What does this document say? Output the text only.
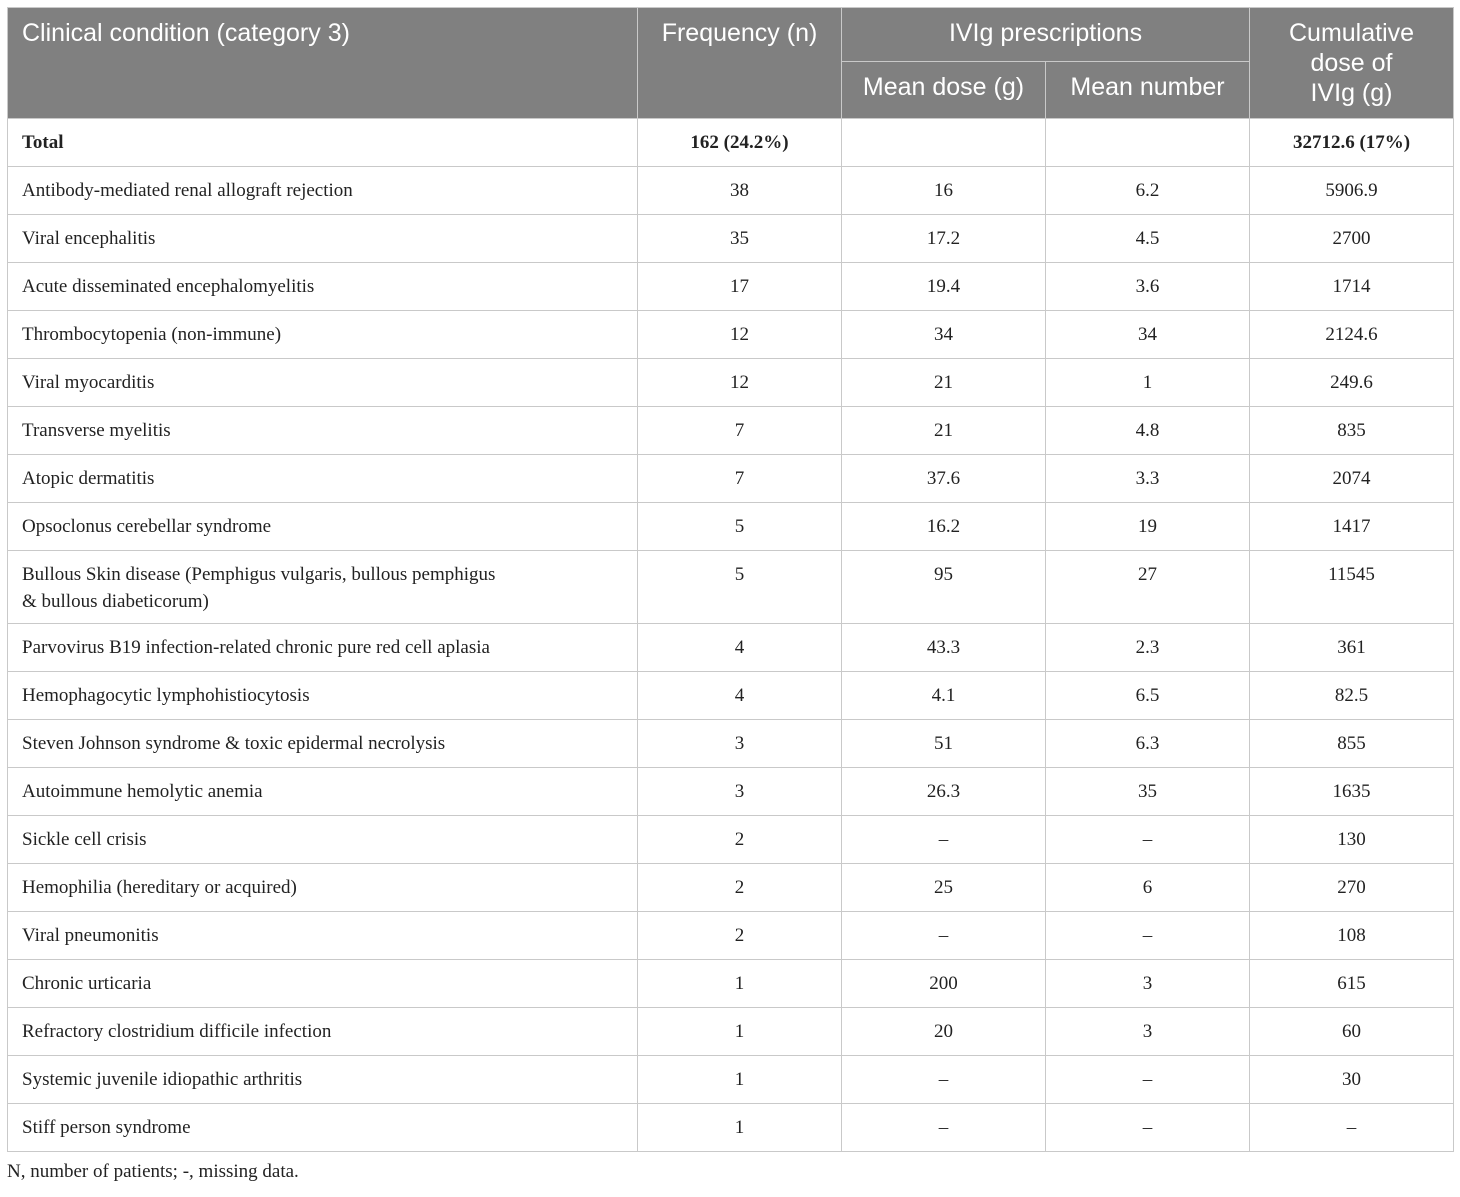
Clinical condition (category 3)	Frequency (n)	IVIg prescriptions		Cumulative
dose of
IVIg (g)

		Mean dose (g)	Mean number	
Total	162 (24.2%)			32712.6 (17%)

Antibody-mediated renal allograft rejection	38	16	6.2	5906.9

Viral encephalitis	35	17.2	4.5	2700

Acute disseminated encephalomyelitis	17	19.4	3.6	1714

Thrombocytopenia (non-immune)	12	34	34	2124.6

Viral myocarditis	12	21	1	249.6

Transverse myelitis	7	21	4.8	835

Atopic dermatitis	7	37.6	3.3	2074

Opsoclonus cerebellar syndrome	5	16.2	19	1417

Bullous Skin disease (Pemphigus vulgaris, bullous pemphigus
& bullous diabeticorum)	5	95	27	11545

Parvovirus B19 infection-related chronic pure red cell aplasia	4	43.3	2.3	361

Hemophagocytic lymphohistiocytosis	4	4.1	6.5	82.5

Steven Johnson syndrome & toxic epidermal necrolysis	3	51	6.3	855

Autoimmune hemolytic anemia	3	26.3	35	1635

Sickle cell crisis	2	–	–	130

Hemophilia (hereditary or acquired)	2	25	6	270

Viral pneumonitis	2	–	–	108

Chronic urticaria	1	200	3	615

Refractory clostridium difficile infection	1	20	3	60

Systemic juvenile idiopathic arthritis	1	–	–	30

Stiff person syndrome	1	–	–	–
N, number of patients; -, missing data.
